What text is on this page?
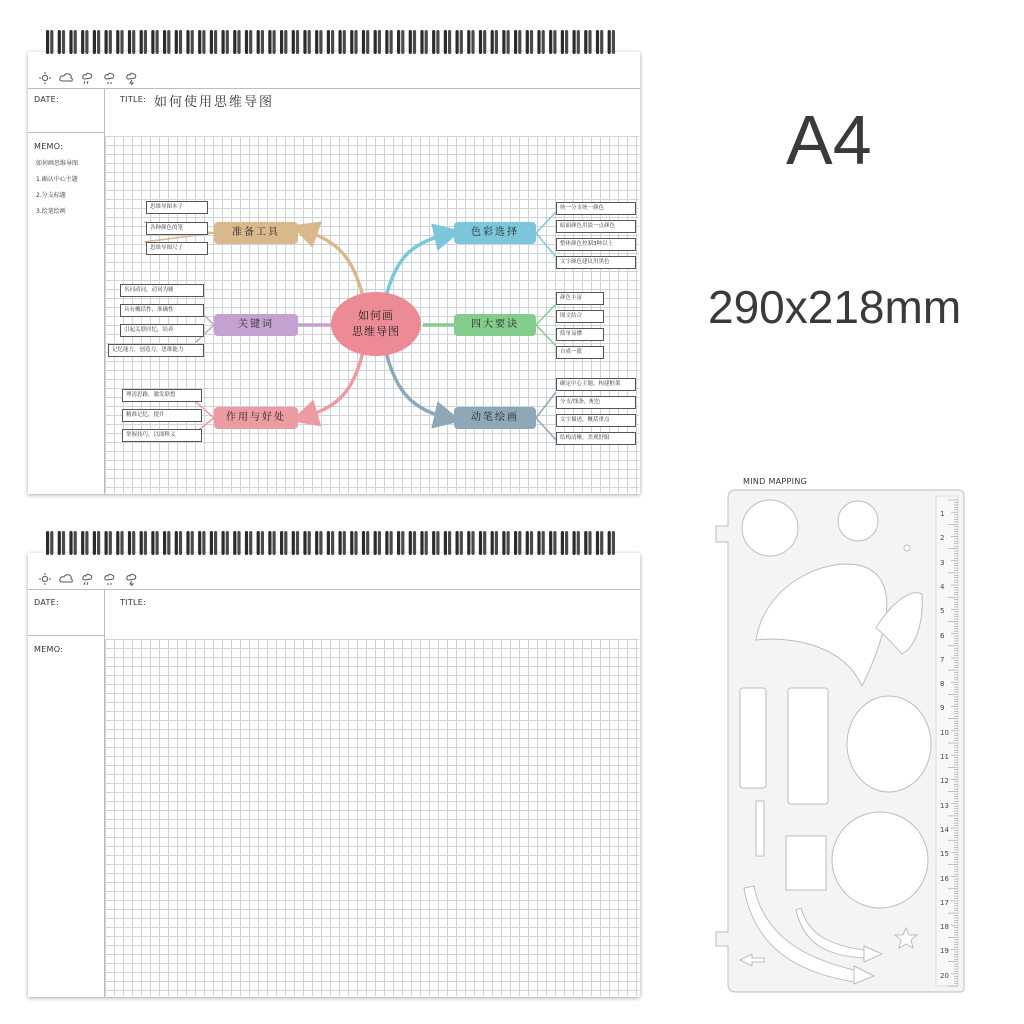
DATE:	TITLE: 如何使用思维导图
MEMO:
如何画思维导图
1.确认中心主题
2.分支标题
3.绘笔绘画
如何画
思维导图
准备工具
关键词
作用与好处
色彩选择
四大要诀
动笔绘画
思维导图本子
各种颜色的笔
思维导图尺子
名词动词，动词为辅
具有概括性，准确性
引起关联回忆，培养
记忆能力，创造力，思维能力
理清思路，激发联想
精准记忆，提升
掌握技巧，以图释义
统一分支统一颜色
暗面颜色用淡一点颜色
整体颜色控制3种以上
文字颜色建议用黑色
颜色丰富
图文结合
简单易懂
自成一派
确定中心主题，构建框架
分支/线条，配色
文字描述，概括重点
结构清晰，美观舒服
DATE:	TITLE:
MEMO:
A4
290x218mm
MIND MAPPING
1
2
3
4
5
6
7
8
9
10
11
12
13
14
15
16
17
18
19
20
